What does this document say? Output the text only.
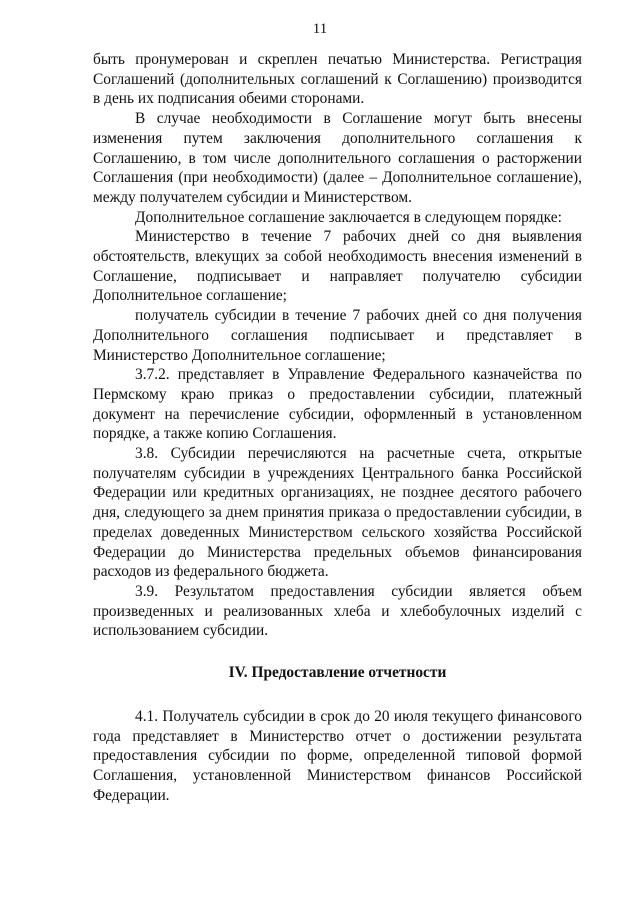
11

быть пронумерован и скреплен печатью Министерства. Регистрация Соглашений (дополнительных соглашений к Соглашению) производится в день их подписания обеими сторонами.

В случае необходимости в Соглашение могут быть внесены изменения путем заключения дополнительного соглашения к Соглашению, в том числе дополнительного соглашения о расторжении Соглашения (при необходимости) (далее – Дополнительное соглашение), между получателем субсидии и Министерством.

Дополнительное соглашение заключается в следующем порядке:

Министерство в течение 7 рабочих дней со дня выявления обстоятельств, влекущих за собой необходимость внесения изменений в Соглашение, подписывает и направляет получателю субсидии Дополнительное соглашение;

получатель субсидии в течение 7 рабочих дней со дня получения Дополнительного соглашения подписывает и представляет в Министерство Дополнительное соглашение;

3.7.2. представляет в Управление Федерального казначейства по Пермскому краю приказ о предоставлении субсидии, платежный документ на перечисление субсидии, оформленный в установленном порядке, а также копию Соглашения.

3.8. Субсидии перечисляются на расчетные счета, открытые получателям субсидии в учреждениях Центрального банка Российской Федерации или кредитных организациях, не позднее десятого рабочего дня, следующего за днем принятия приказа о предоставлении субсидии, в пределах доведенных Министерством сельского хозяйства Российской Федерации до Министерства предельных объемов финансирования расходов из федерального бюджета.

3.9. Результатом предоставления субсидии является объем произведенных и реализованных хлеба и хлебобулочных изделий с использованием субсидии.

IV. Предоставление отчетности

4.1. Получатель субсидии в срок до 20 июля текущего финансового года представляет в Министерство отчет о достижении результата предоставления субсидии по форме, определенной типовой формой Соглашения, установленной Министерством финансов Российской Федерации.
